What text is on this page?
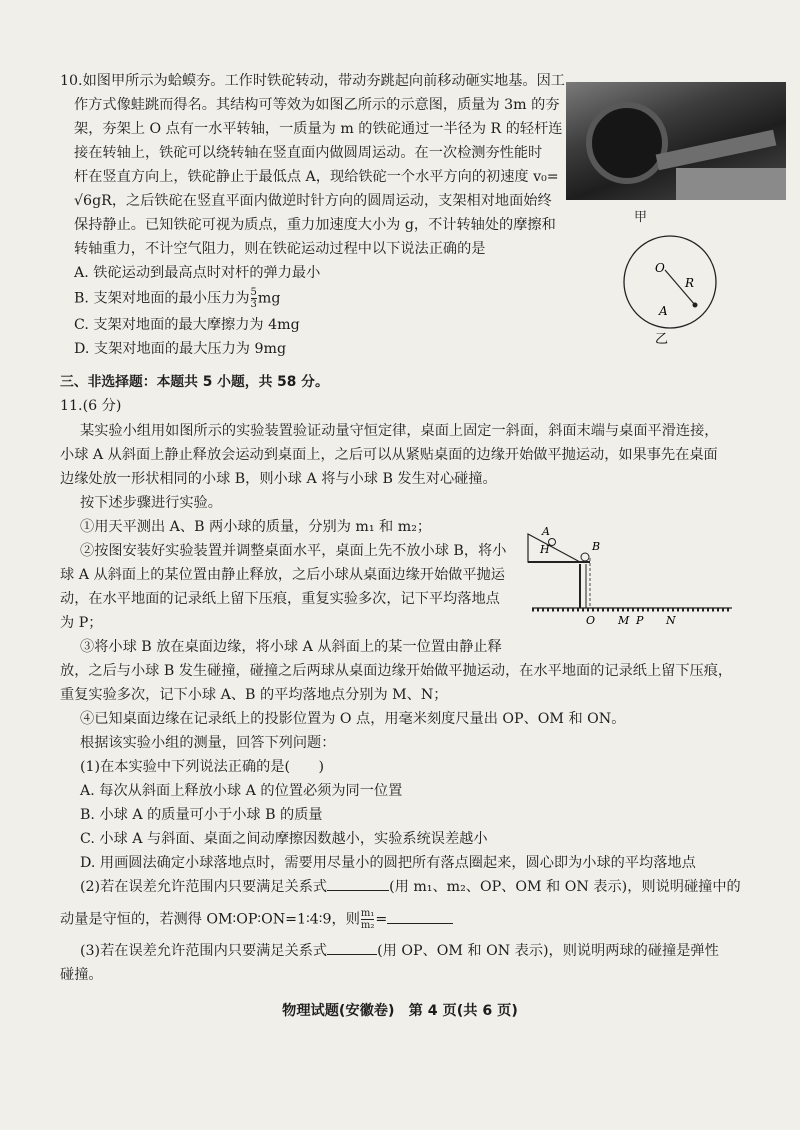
10.如图甲所示为蛤蟆夯。工作时铁砣转动，带动夯跳起向前移动砸实地基。因工
作方式像蛙跳而得名。其结构可等效为如图乙所示的示意图，质量为 3m 的夯
架，夯架上 O 点有一水平转轴，一质量为 m 的铁砣通过一半径为 R 的轻杆连
接在转轴上，铁砣可以绕转轴在竖直面内做圆周运动。在一次检测夯性能时
杆在竖直方向上，铁砣静止于最低点 A，现给铁砣一个水平方向的初速度 v₀=
√6gR，之后铁砣在竖直平面内做逆时针方向的圆周运动，支架相对地面始终
保持静止。已知铁砣可视为质点，重力加速度大小为 g，不计转轴处的摩擦和
转轴重力，不计空气阻力，则在铁砣运动过程中以下说法正确的是
A. 铁砣运动到最高点时对杆的弹力最小
B. 支架对地面的最小压力为 $\frac{5}{3}$ mg
C. 支架对地面的最大摩擦力为 4mg
D. 支架对地面的最大压力为 9mg
甲
O
R
A
乙
三、非选择题：本题共 5 小题，共 58 分。
11.(6 分)
某实验小组用如图所示的实验装置验证动量守恒定律，桌面上固定一斜面，斜面末端与桌面平滑连接，
小球 A 从斜面上静止释放会运动到桌面上，之后可以从紧贴桌面的边缘开始做平抛运动，如果事先在桌面
边缘处放一形状相同的小球 B，则小球 A 将与小球 B 发生对心碰撞。
按下述步骤进行实验。
①用天平测出 A、B 两小球的质量，分别为 m₁ 和 m₂；
②按图安装好实验装置并调整桌面水平，桌面上先不放小球 B，将小
球 A 从斜面上的某位置由静止释放，之后小球从桌面边缘开始做平抛运
动，在水平地面的记录纸上留下压痕，重复实验多次，记下平均落地点
为 P；
③将小球 B 放在桌面边缘，将小球 A 从斜面上的某一位置由静止释
放，之后与小球 B 发生碰撞，碰撞之后两球从桌面边缘开始做平抛运动，在水平地面的记录纸上留下压痕，
重复实验多次，记下小球 A、B 的平均落地点分别为 M、N；
④已知桌面边缘在记录纸上的投影位置为 O 点，用毫米刻度尺量出 OP、OM 和 ON。
根据该实验小组的测量，回答下列问题：
(1)在本实验中下列说法正确的是(　　)
A. 每次从斜面上释放小球 A 的位置必须为同一位置
B. 小球 A 的质量可小于小球 B 的质量
C. 小球 A 与斜面、桌面之间动摩擦因数越小，实验系统误差越小
D. 用画圆法确定小球落地点时，需要用尽量小的圆把所有落点圈起来，圆心即为小球的平均落地点
(2)若在误差允许范围内只要满足关系式	(用 m₁、m₂、OP、OM 和 ON 表示)，则说明碰撞中的
动量是守恒的，若测得 OM∶OP∶ON=1∶4∶9，则 $\frac{\text{m₁}}{\text{m₂}}$ =
(3)若在误差允许范围内只要满足关系式	(用 OP、OM 和 ON 表示)，则说明两球的碰撞是弹性
碰撞。
H
A
B
O M P N
物理试题(安徽卷)　第 4 页(共 6 页)
